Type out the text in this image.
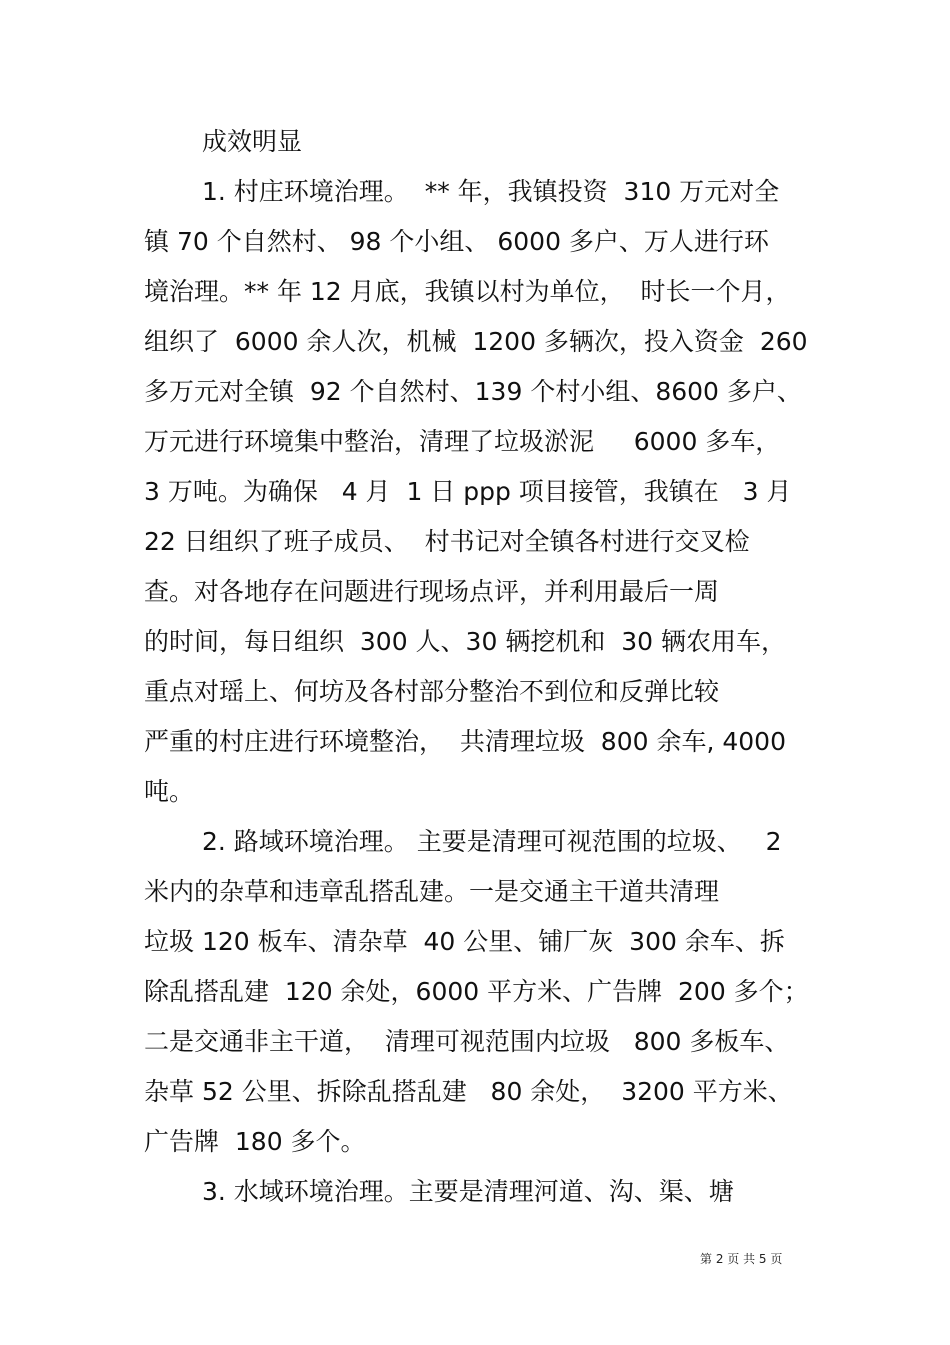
成效明显
1. 村庄环境治理。  ** 年，我镇投资  310 万元对全
镇 70 个自然村、 98 个小组、 6000 多户、万人进行环
境治理。** 年 12 月底，我镇以村为单位，  时长一个月，
组织了  6000 余人次，机械  1200 多辆次，投入资金  260
多万元对全镇  92 个自然村、139 个村小组、8600 多户、
万元进行环境集中整治，清理了垃圾淤泥     6000 多车，
3 万吨。为确保   4 月  1 日 ppp 项目接管，我镇在   3 月
22 日组织了班子成员、  村书记对全镇各村进行交叉检
查。对各地存在问题进行现场点评，并利用最后一周
的时间，每日组织  300 人、30 辆挖机和  30 辆农用车，
重点对瑶上、何坊及各村部分整治不到位和反弹比较
严重的村庄进行环境整治，  共清理垃圾  800 余车, 4000
吨。
2. 路域环境治理。 主要是清理可视范围的垃圾、   2
米内的杂草和违章乱搭乱建。一是交通主干道共清理
垃圾 120 板车、清杂草  40 公里、铺厂灰  300 余车、拆
除乱搭乱建  120 余处，6000 平方米、广告牌  200 多个；
二是交通非主干道，  清理可视范围内垃圾   800 多板车、
杂草 52 公里、拆除乱搭乱建   80 余处，  3200 平方米、
广告牌  180 多个。
3. 水域环境治理。主要是清理河道、沟、渠、塘
第 2 页 共 5 页
